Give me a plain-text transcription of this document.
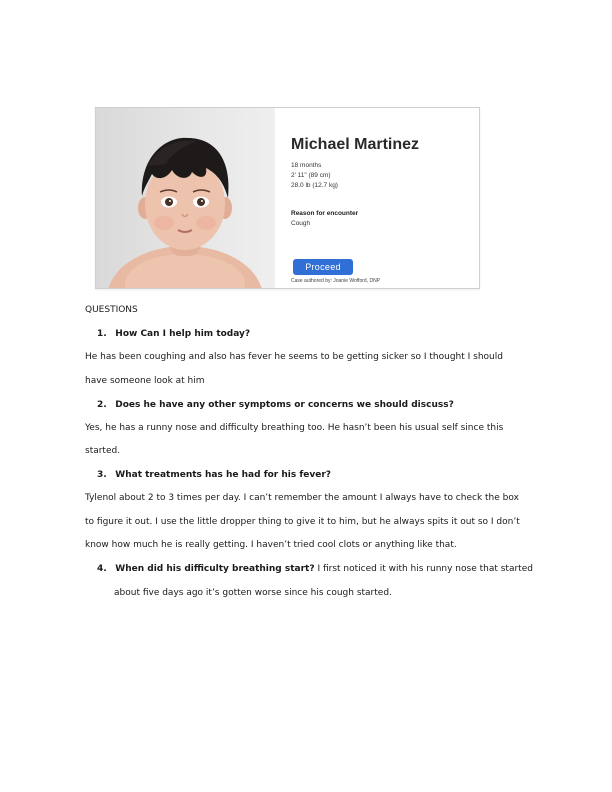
Michael Martinez
18 months
2' 11" (89 cm)
28.0 lb (12.7 kg)
Reason for encounter
Cough
Proceed
Case authored by: Joanie Wofford, DNP
QUESTIONS
1. How Can I help him today?
He has been coughing and also has fever he seems to be getting sicker so I thought I should
have someone look at him
2. Does he have any other symptoms or concerns we should discuss?
Yes, he has a runny nose and difficulty breathing too. He hasn’t been his usual self since this
started.
3. What treatments has he had for his fever?
Tylenol about 2 to 3 times per day. I can’t remember the amount I always have to check the box
to figure it out. I use the little dropper thing to give it to him, but he always spits it out so I don’t
know how much he is really getting. I haven’t tried cool clots or anything like that.
4. When did his difficulty breathing start? I first noticed it with his runny nose that started
about five days ago it’s gotten worse since his cough started.
